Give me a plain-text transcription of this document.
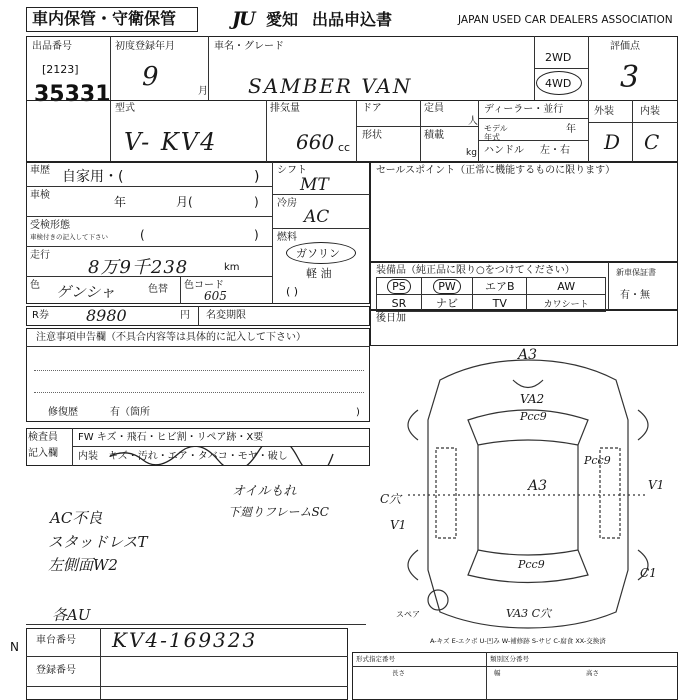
車内保管・守衛保管	JU 愛知 出品申込書	JAPAN USED CAR DEALERS ASSOCIATION
出品番号
[2123]
35331
初度登録年月
9	月
車名・グレード
SAMBER VAN
2WD
4WD
評価点
3
型式
V- KV4
排気量
660 cc
ドア	定員
人
形状	積載
kg
ディーラー・並行
モデル 年式
年
ハンドル 左・右
外装	内装
D C
車歴 自家用・(	)
車検	年	月(	)
受検形態
車検付きの記入して下さい	(	)
走行
8万9千238	km
色 ゲンシャ	色替 色コード
605
シフト
MT
冷房
AC
燃料
ガソリン
軽 油
( )
R券 8980	円 名変期限
セールスポイント（正常に機能するものに限ります）
装備品（純正品に限り○をつけてください）
PS	PW	エアB	AW
SR	ナビ	TV	カワシート
新車保証書
有・無
後日加
注意事項申告欄（不具合内容等は具体的に記入して下さい）
修復歴	有（箇所	)
検査員
記入欄
FW キズ・飛石・ヒビ割・リペア跡・X要
内装 キズ・汚れ・エア・タバコ・モヤ・破し
オイルもれ
下廻りフレームSC
AC不良
スタッドレスT
左側面W2
各AU
A3
VA2
Pcc9
A3
Pcc9
V1
C穴
V1
Pcc9
C1
スペア	VA3 C穴
A-キズ E-エクボ U-凹み W-補修跡 S-サビ C-腐食 XX-交換済
N 車台番号 KV4-169323
登録番号
形式指定番号	類別区分番号
長さ	幅	高さ
